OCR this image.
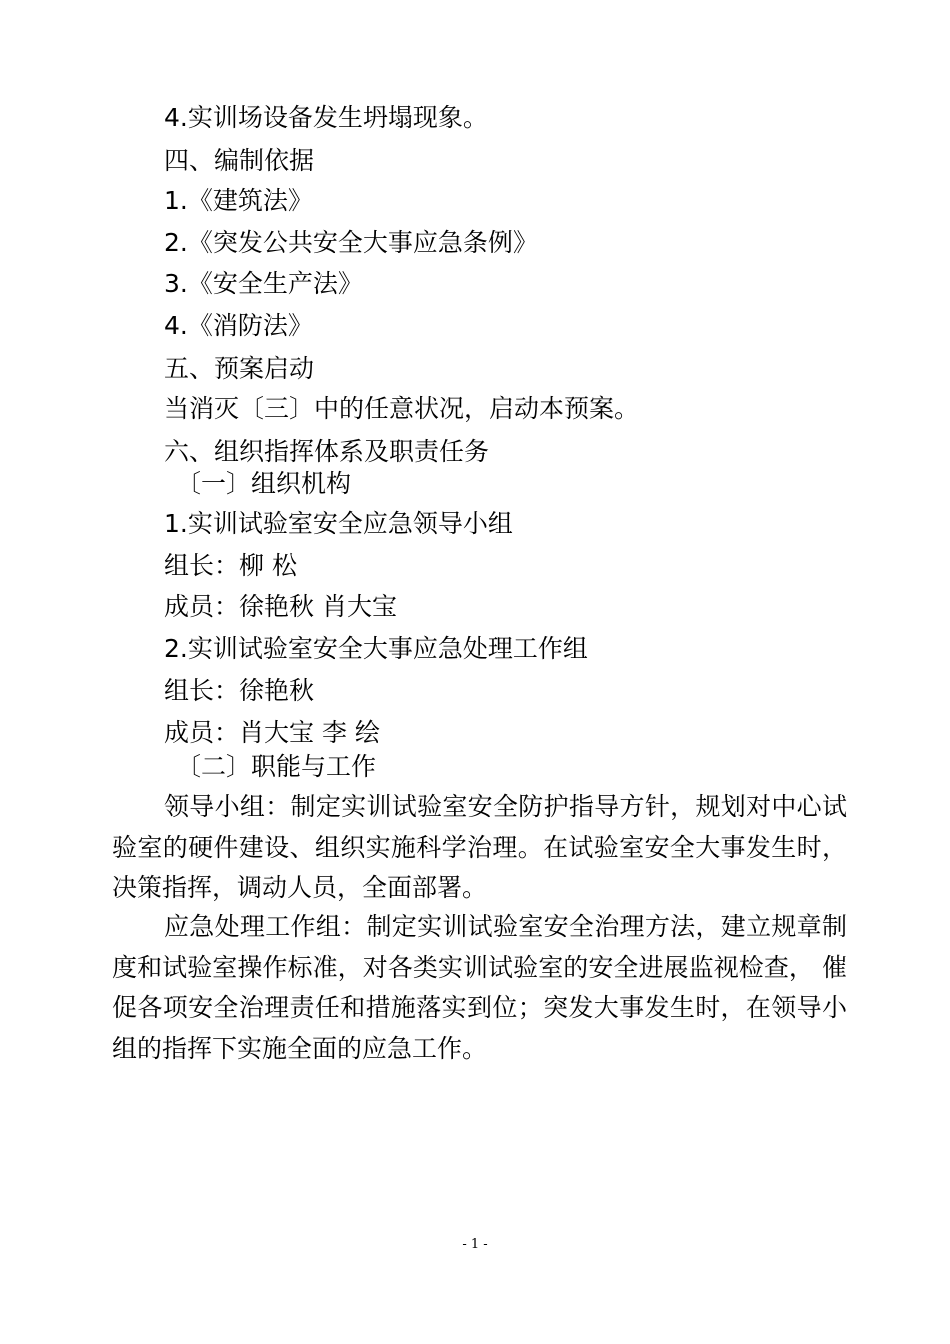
4.实训场设备发生坍塌现象。
四、编制依据
1.《建筑法》
2.《突发公共安全大事应急条例》
3.《安全生产法》
4.《消防法》
五、预案启动
当消灭〔三〕中的任意状况，启动本预案。
六、组织指挥体系及职责任务
〔一〕组织机构
1.实训试验室安全应急领导小组
组长：柳 松
成员：徐艳秋 肖大宝
2.实训试验室安全大事应急处理工作组
组长：徐艳秋
成员：肖大宝 李 绘
〔二〕职能与工作
领导小组：制定实训试验室安全防护指导方针，规划对中心试验室的硬件建设、组织实施科学治理。在试验室安全大事发生时，决策指挥，调动人员，全面部署。
应急处理工作组：制定实训试验室安全治理方法，建立规章制度和试验室操作标准，对各类实训试验室的安全进展监视检查， 催促各项安全治理责任和措施落实到位；突发大事发生时，在领导小组的指挥下实施全面的应急工作。
- 1 -
